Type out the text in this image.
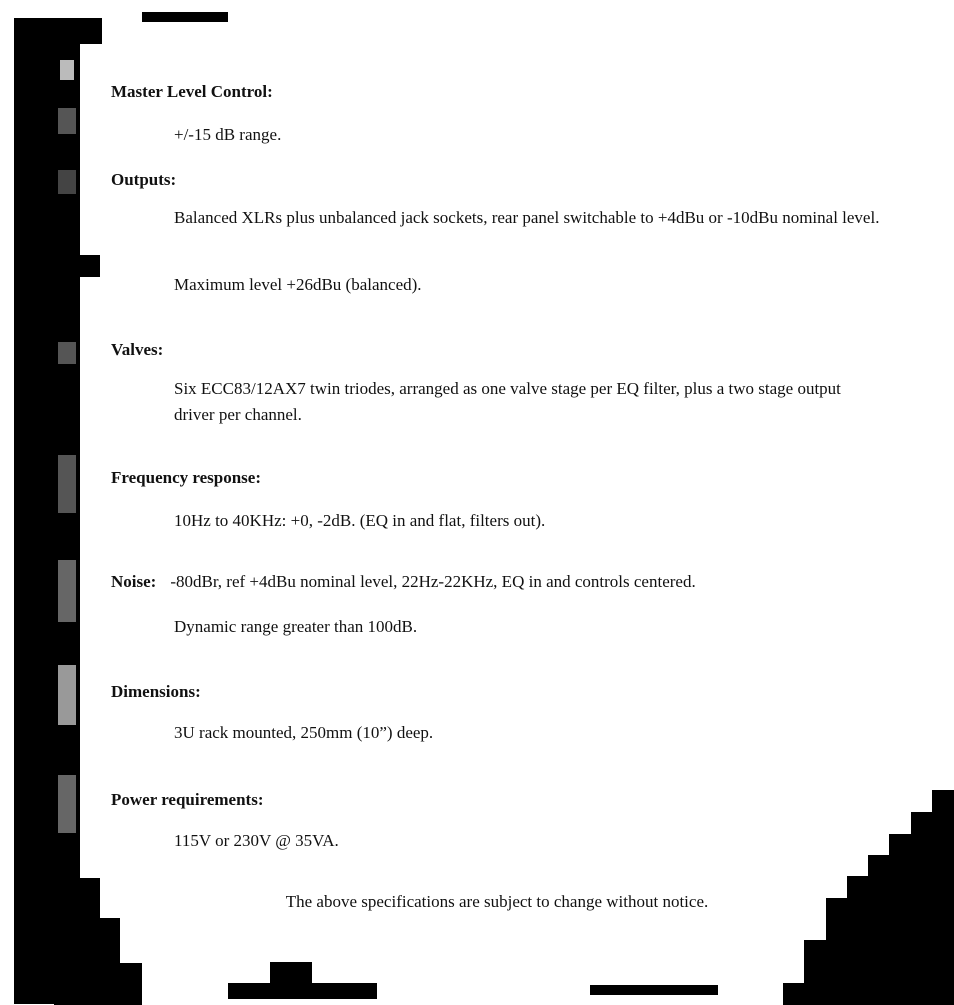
Master Level Control:

+/-15 dB range.

Outputs:

Balanced XLRs plus unbalanced jack sockets, rear panel switchable to +4dBu or -10dBu nominal level.

Maximum level +26dBu (balanced).

Valves:

Six ECC83/12AX7 twin triodes, arranged as one valve stage per EQ filter, plus a two stage output driver per channel.

Frequency response:

10Hz to 40KHz: +0, -2dB. (EQ in and flat, filters out).

Noise: -80dBr, ref +4dBu nominal level, 22Hz-22KHz, EQ in and controls centered.

Dynamic range greater than 100dB.

Dimensions:

3U rack mounted, 250mm (10”) deep.

Power requirements:

115V or 230V @ 35VA.

The above specifications are subject to change without notice.
